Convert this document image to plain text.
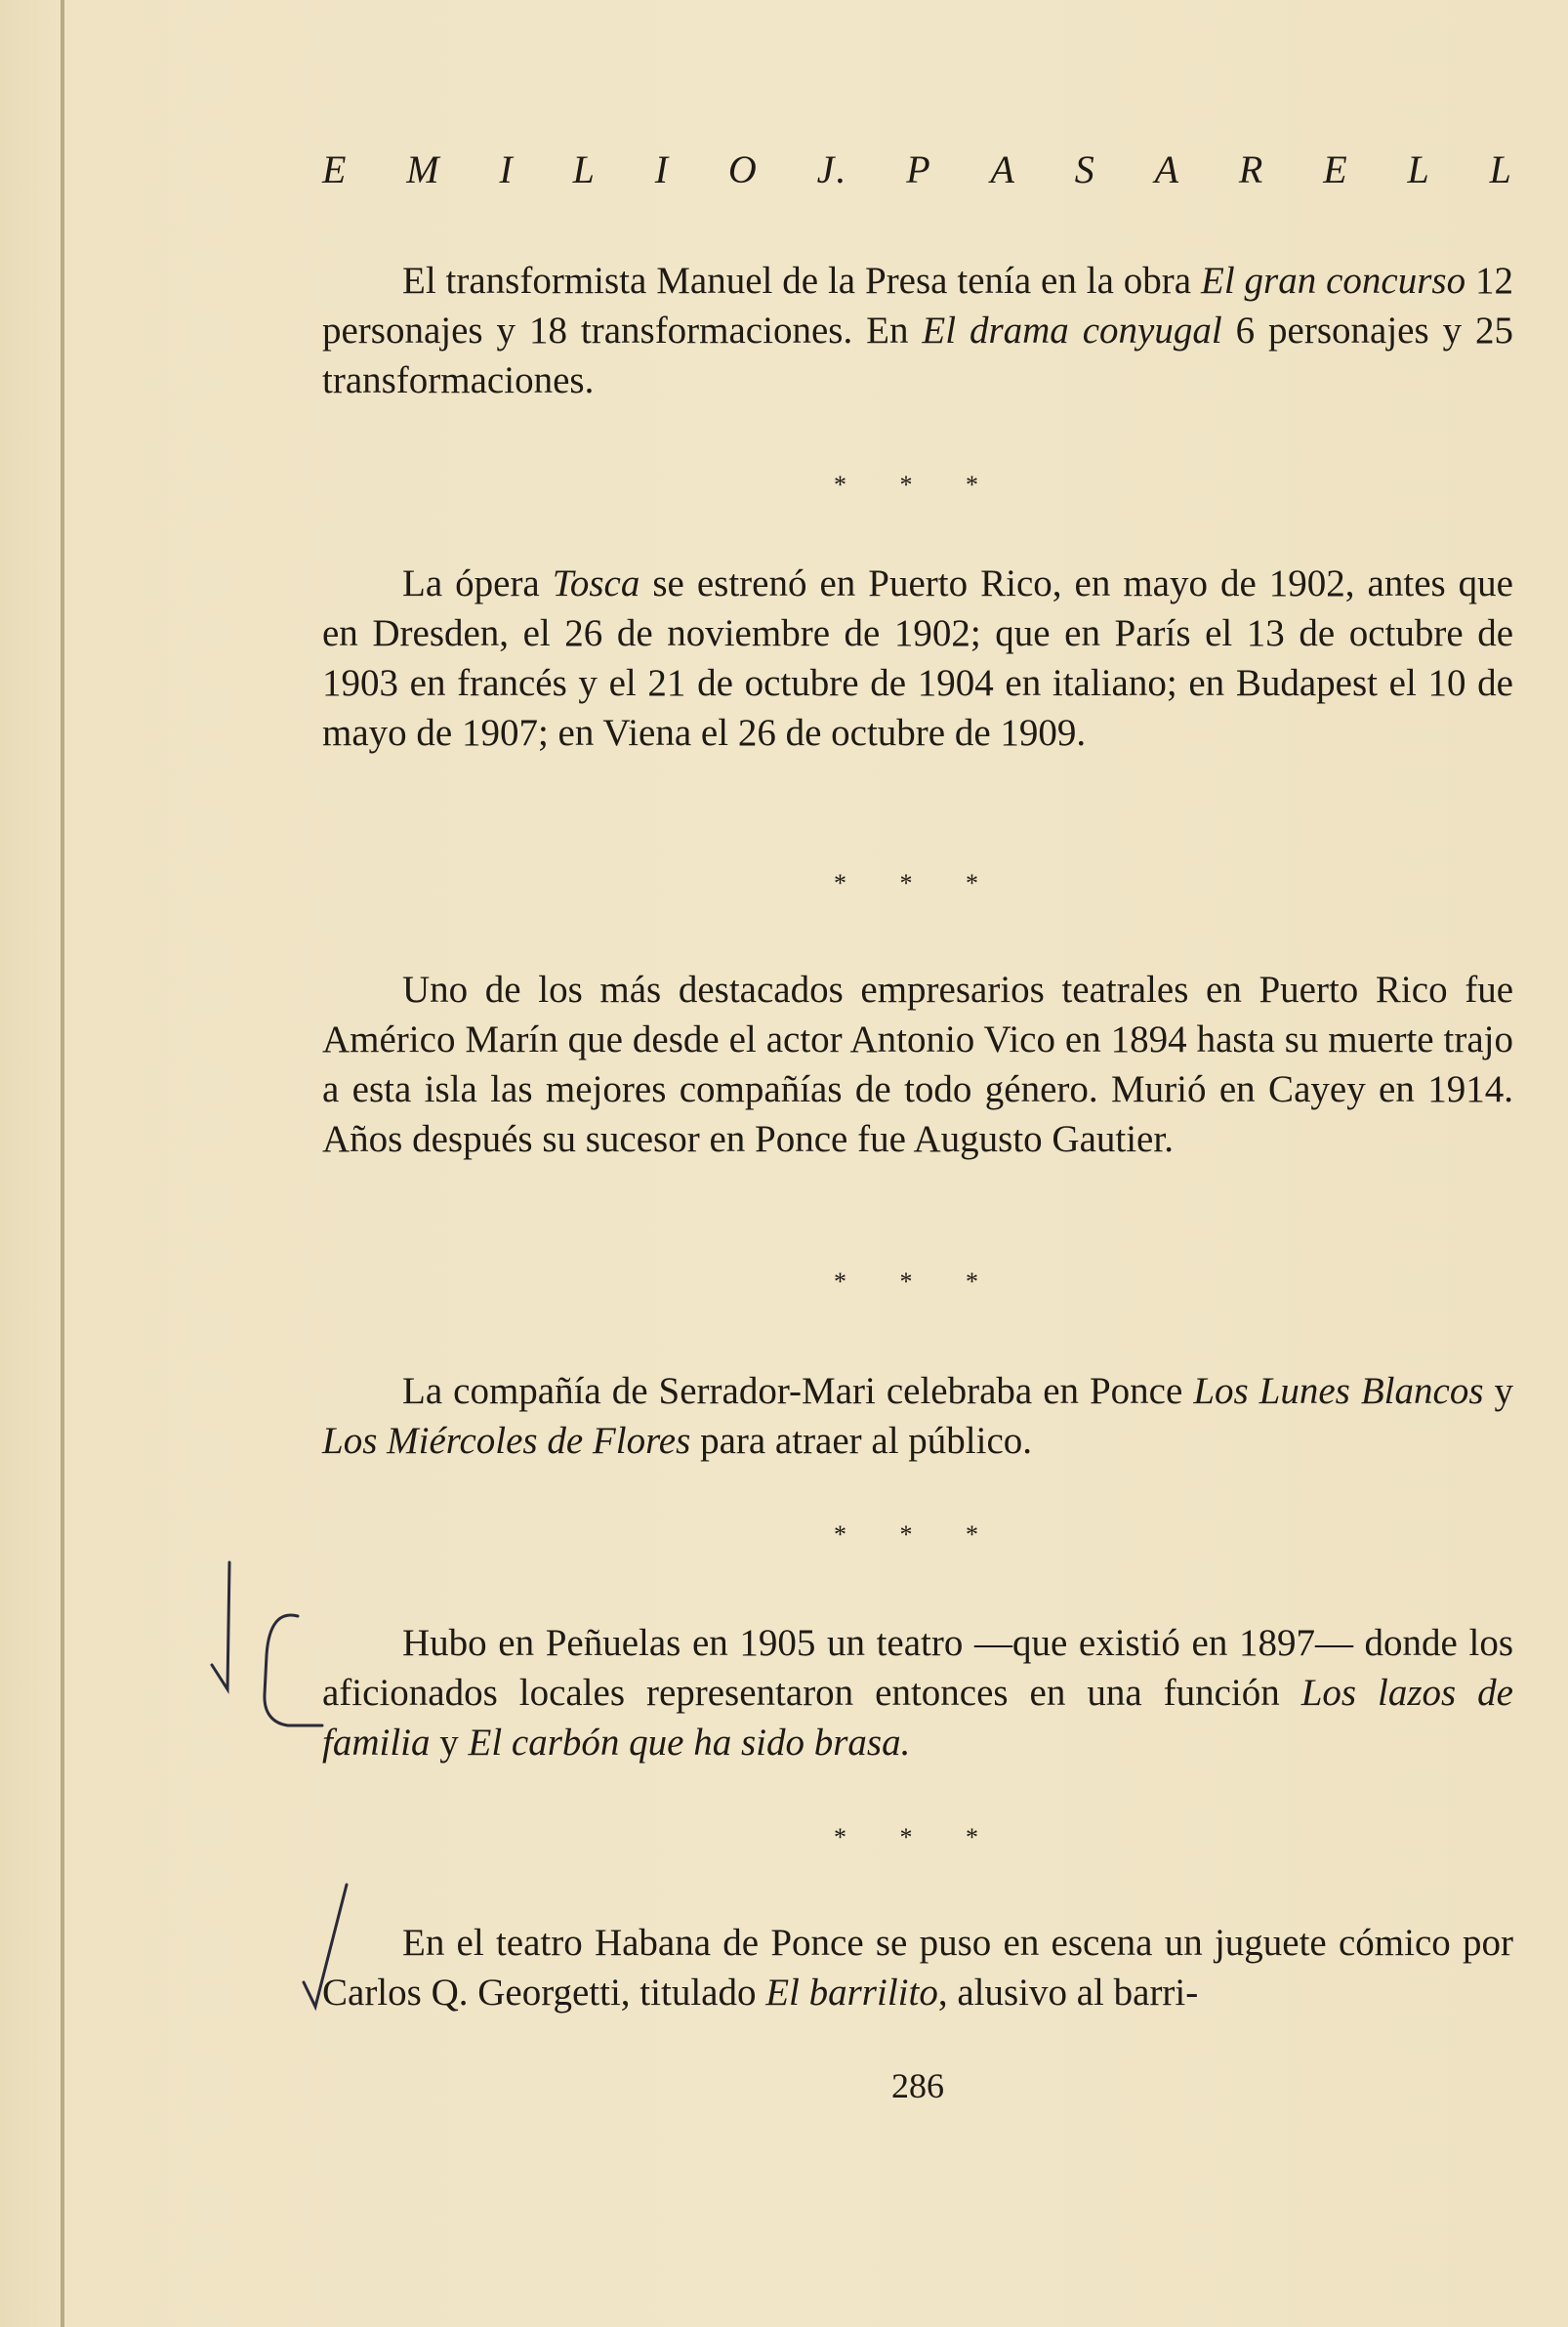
E M I L I O J. P A S A R E L L

El transformista Manuel de la Presa tenía en la obra El gran concurso 12 personajes y 18 transformaciones. En El drama conyugal 6 personajes y 25 transformaciones.

* * *

La ópera Tosca se estrenó en Puerto Rico, en mayo de 1902, antes que en Dresden, el 26 de noviembre de 1902; que en París el 13 de octubre de 1903 en francés y el 21 de octubre de 1904 en italiano; en Budapest el 10 de mayo de 1907; en Viena el 26 de octubre de 1909.

* * *

Uno de los más destacados empresarios teatrales en Puerto Rico fue Américo Marín que desde el actor Antonio Vico en 1894 hasta su muerte trajo a esta isla las mejores compañías de todo género. Murió en Cayey en 1914. Años después su sucesor en Ponce fue Augusto Gautier.

* * *

La compañía de Serrador-Mari celebraba en Ponce Los Lunes Blancos y Los Miércoles de Flores para atraer al público.

* * *

Hubo en Peñuelas en 1905 un teatro —que existió en 1897— donde los aficionados locales representaron entonces en una función Los lazos de familia y El carbón que ha sido brasa.

* * *

En el teatro Habana de Ponce se puso en escena un juguete cómico por Carlos Q. Georgetti, titulado El barrilito, alusivo al barri-

286
